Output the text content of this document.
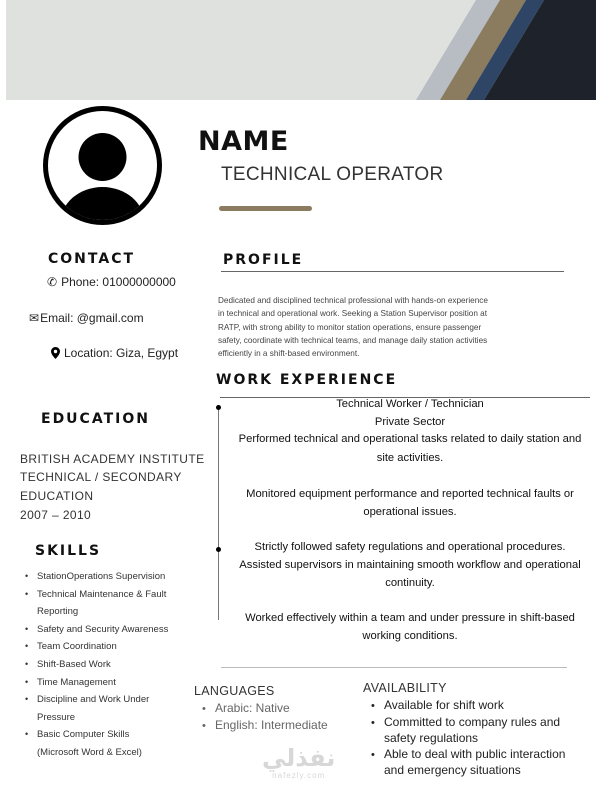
NAME
TECHNICAL OPERATOR
CONTACT
✆ Phone: 01000000000
✉ Email: @gmail.com
Location: Giza, Egypt
EDUCATION
BRITISH ACADEMY INSTITUTE
TECHNICAL / SECONDARY
EDUCATION
2007 – 2010
SKILLS
• StationOperations Supervision
• Technical Maintenance & Fault
Reporting
• Safety and Security Awareness
• Team Coordination
• Shift-Based Work
• Time Management
• Discipline and Work Under
Pressure
• Basic Computer Skills
(Microsoft Word & Excel)
PROFILE
Dedicated and disciplined technical professional with hands-on experience
in technical and operational work. Seeking a Station Supervisor position at
RATP, with strong ability to monitor station operations, ensure passenger
safety, coordinate with technical teams, and manage daily station activities
efficiently in a shift-based environment.
WORK EXPERIENCE
Technical Worker / Technician
Private Sector
Performed technical and operational tasks related to daily station and
site activities.
Monitored equipment performance and reported technical faults or
operational issues.
Strictly followed safety regulations and operational procedures.
Assisted supervisors in maintaining smooth workflow and operational
continuity.
Worked effectively within a team and under pressure in shift-based
working conditions.
LANGUAGES
• Arabic: Native
• English: Intermediate
AVAILABILITY
• Available for shift work
• Committed to company rules and
safety regulations
• Able to deal with public interaction
and emergency situations
نفذلي
nafezly.com
